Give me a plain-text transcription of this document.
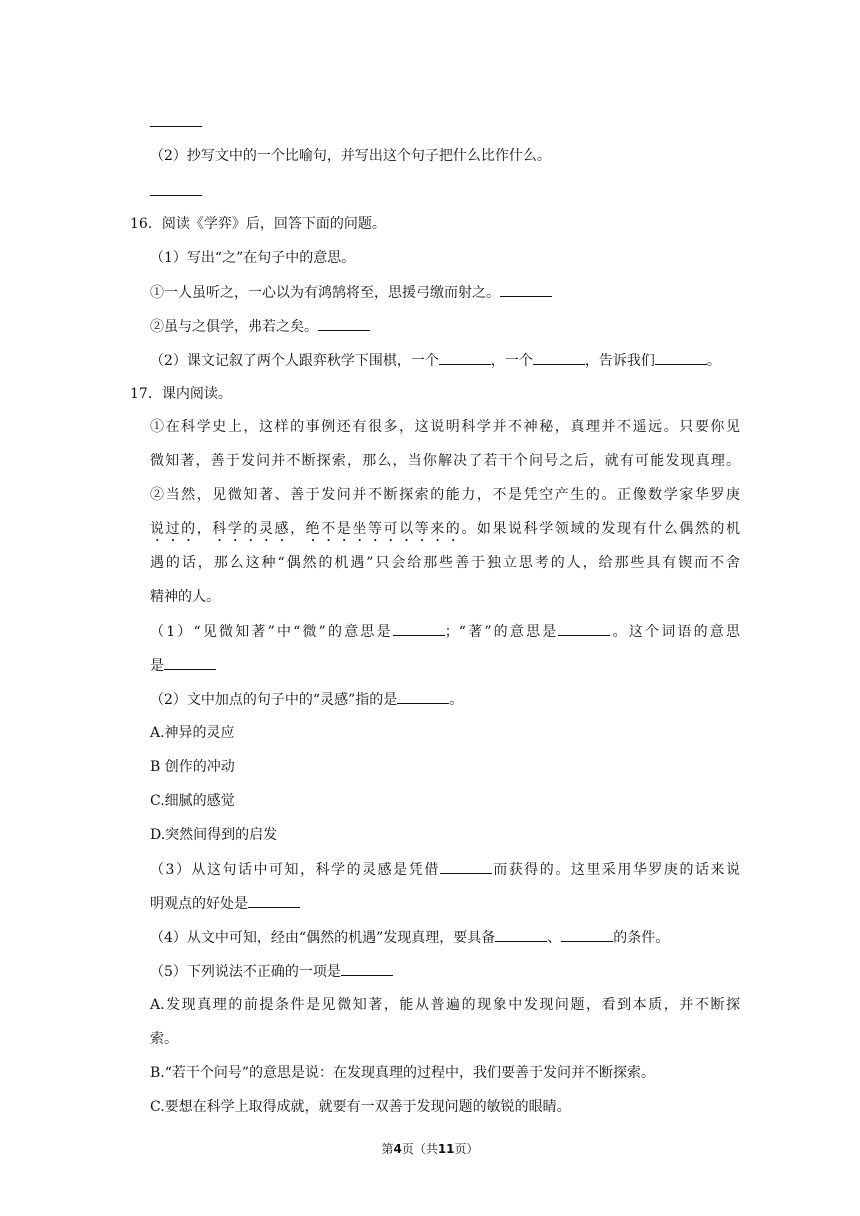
（2）抄写文中的一个比喻句，并写出这个句子把什么比作什么。
16．阅读《学弈》后，回答下面的问题。
（1）写出“之”在句子中的意思。
①一人虽听之，一心以为有鸿鹄将至，思援弓缴而射之。
②虽与之俱学，弗若之矣。
（2）课文记叙了两个人跟弈秋学下围棋，一个	，一个	，告诉我们	。
17．课内阅读。
①在科学史上，这样的事例还有很多，这说明科学并不神秘，真理并不遥远。只要你见
微知著，善于发问并不断探索，那么，当你解决了若干个问号之后，就有可能发现真理。
②当然，见微知著、善于发问并不断探索的能力，不是凭空产生的。正像数学家华罗庚
说过的，科学的灵感，绝不是坐等可以等来的。如果说科学领域的发现有什么偶然的机
遇的话，那么这种“偶然的机遇”只会给那些善于独立思考的人，给那些具有锲而不舍
精神的人。
（1）“见微知著”中“微”的意思是	；“著”的意思是	。这个词语的意思
是
（2）文中加点的句子中的“灵感”指的是	。
A.神异的灵应
B 创作的冲动
C.细腻的感觉
D.突然间得到的启发
（3）从这句话中可知，科学的灵感是凭借	而获得的。这里采用华罗庚的话来说
明观点的好处是
（4）从文中可知，经由“偶然的机遇”发现真理，要具备	、	的条件。
（5）下列说法不正确的一项是
A.发现真理的前提条件是见微知著，能从普遍的现象中发现问题，看到本质，并不断探
索。
B.“若干个问号”的意思是说：在发现真理的过程中，我们要善于发问并不断探索。
C.要想在科学上取得成就，就要有一双善于发现问题的敏锐的眼睛。
第4页（共11页）
